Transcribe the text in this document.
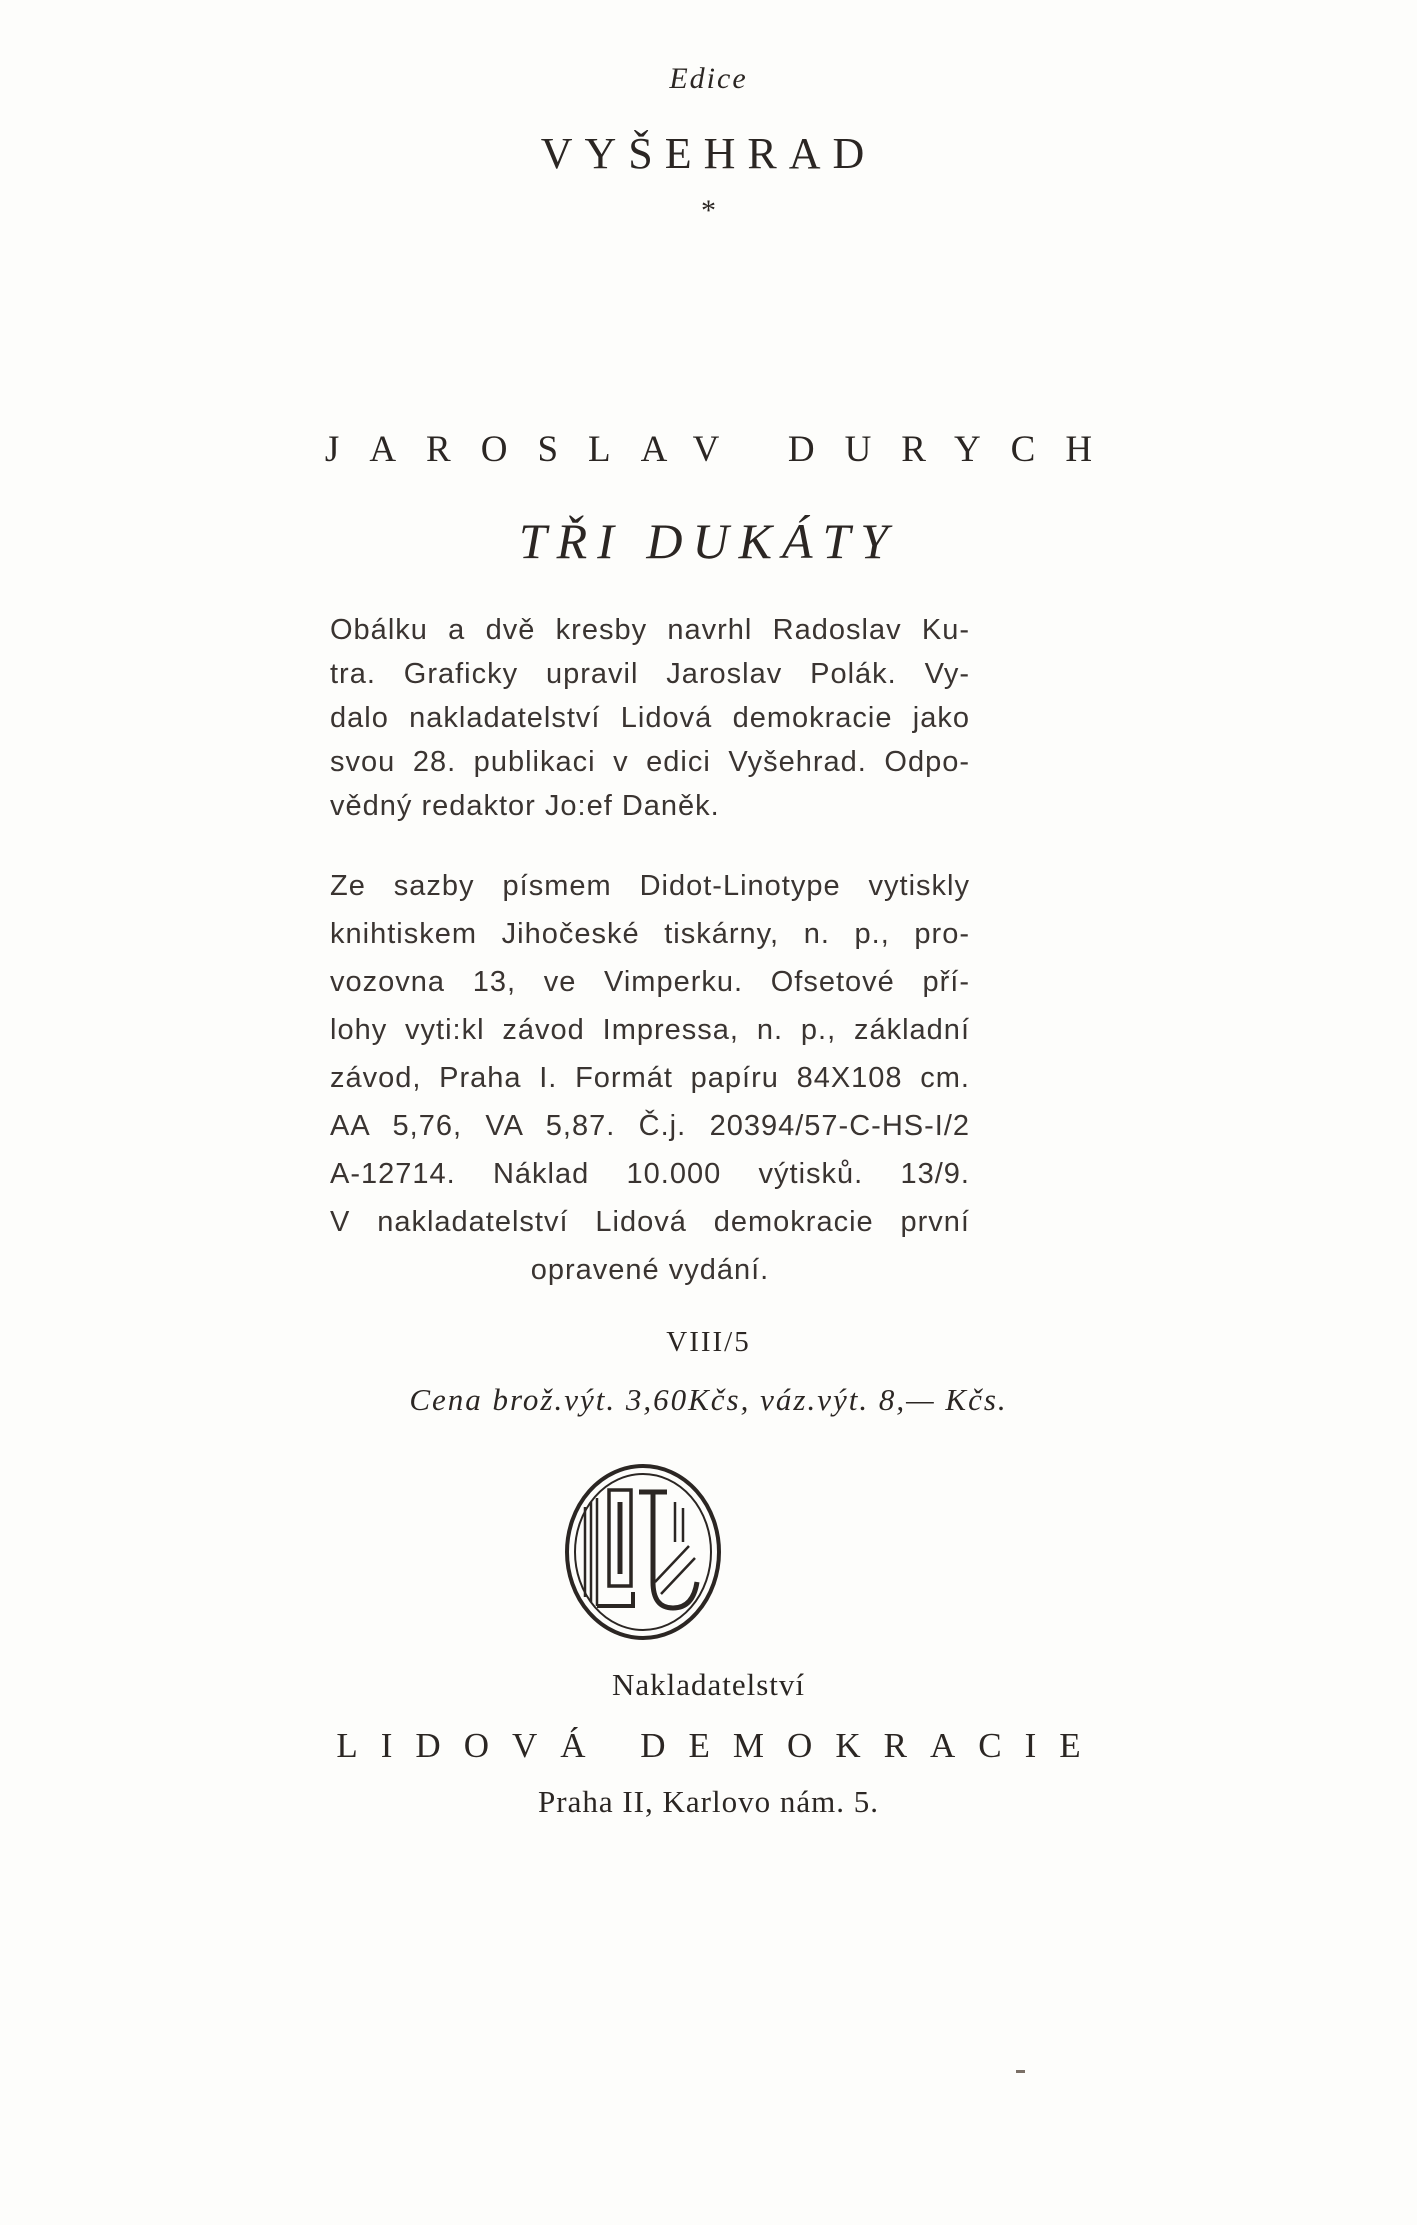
Edice
VYŠEHRAD
*
JAROSLAV DURYCH
TŘI DUKÁTY
Obálku a dvě kresby navrhl Radoslav Ku-
tra. Graficky upravil Jaroslav Polák. Vy-
dalo nakladatelství Lidová demokracie jako
svou 28. publikaci v edici Vyšehrad. Odpo-
vědný redaktor Jo:ef Daněk.
Ze sazby písmem Didot-Linotype vytiskly
knihtiskem Jihočeské tiskárny, n. p., pro-
vozovna 13, ve Vimperku. Ofsetové pří-
lohy vyti:kl závod Impressa, n. p., základní
závod, Praha I. Formát papíru 84X108 cm.
AA 5,76, VA 5,87. Č.j. 20394/57-C-HS-I/2
A-12714. Náklad 10.000 výtisků. 13/9.
V nakladatelství Lidová demokracie první
opravené vydání.
VIII/5
Cena brož.výt. 3,60Kčs, váz.výt. 8,— Kčs.
Nakladatelství
LIDOVÁ DEMOKRACIE
Praha II, Karlovo nám. 5.
